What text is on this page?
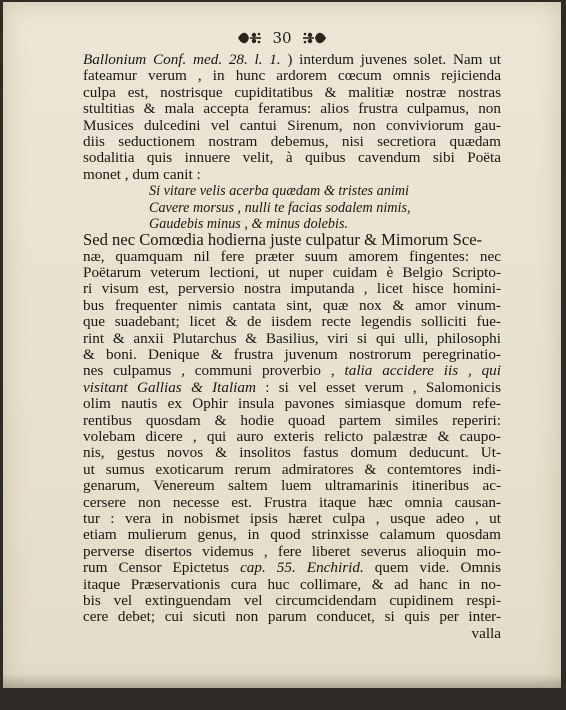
30
Ballonium Conf. med. 28. l. 1. ) interdum juvenes solet. Nam ut
fateamur verum , in hunc ardorem cœcum omnis rejicienda
culpa est, nostrisque cupiditatibus & malitiæ nostræ nostras
stultitias & mala accepta feramus: alios frustra culpamus, non
Musices dulcedini vel cantui Sirenum, non conviviorum gau-
diis seductionem nostram debemus, nisi secretiora quædam
sodalitia quis innuere velit, à quibus cavendum sibi Poëta
monet , dum canit :
Si vitare velis acerba quædam & tristes animi
Cavere morsus , nulli te facias sodalem nimis,
Gaudebis minus , & minus dolebis.
Sed nec Comœdia hodierna juste culpatur & Mimorum Sce-
næ, quamquam nil fere præter suum amorem fingentes: nec
Poëtarum veterum lectioni, ut nuper cuidam è Belgio Scripto-
ri visum est, perversio nostra imputanda , licet hisce homini-
bus frequenter nimis cantata sint, quæ nox & amor vinum-
que suadebant; licet & de iisdem recte legendis solliciti fue-
rint & anxii Plutarchus & Basilius, viri si qui ulli, philosophi
& boni. Denique & frustra juvenum nostrorum peregrinatio-
nes culpamus , communi proverbio , talia accidere iis , qui
visitant Gallias & Italiam : si vel esset verum , Salomonicis
olim nautis ex Ophir insula pavones simiasque domum refe-
rentibus quosdam & hodie quoad partem similes reperiri:
volebam dicere , qui auro exteris relicto palæstræ & caupo-
nis, gestus novos & insolitos fastus domum deducunt. Ut-
ut sumus exoticarum rerum admiratores & contemtores indi-
genarum, Venereum saltem luem ultramarinis itineribus ac-
cersere non necesse est. Frustra itaque hæc omnia causan-
tur : vera in nobismet ipsis hæret culpa , usque adeo , ut
etiam mulierum genus, in quod strinxisse calamum quosdam
perverse disertos videmus , fere liberet severus alioquin mo-
rum Censor Epictetus cap. 55. Enchirid. quem vide. Omnis
itaque Præservationis cura huc collimare, & ad hanc in no-
bis vel extinguendam vel circumcidendam cupidinem respi-
cere debet; cui sicuti non parum conducet, si quis per inter-
valla
